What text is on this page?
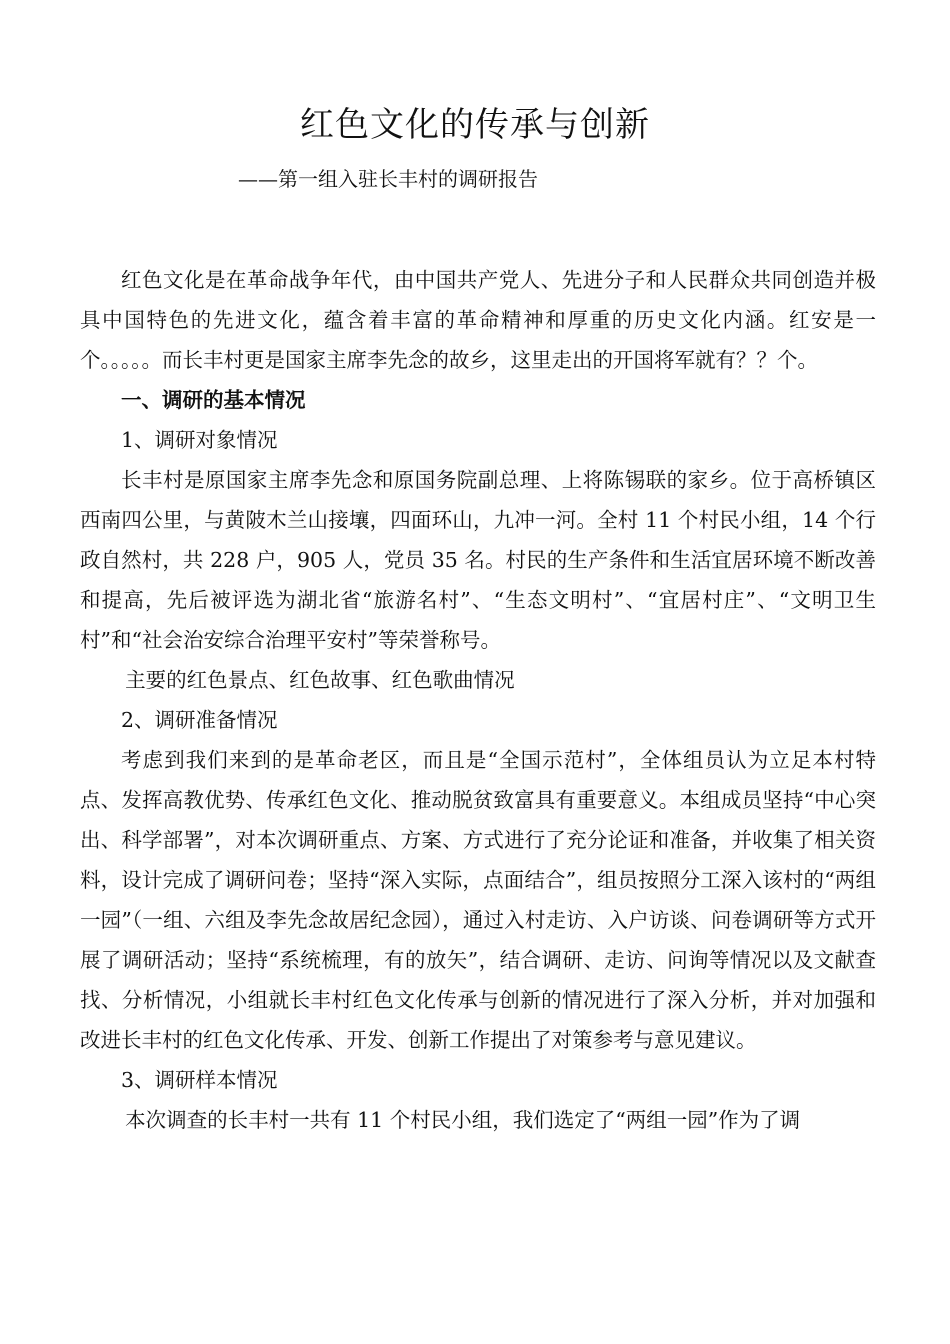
红色文化的传承与创新
——第一组入驻长丰村的调研报告

红色文化是在革命战争年代，由中国共产党人、先进分子和人民群众共同创造并极具中国特色的先进文化，蕴含着丰富的革命精神和厚重的历史文化内涵。红安是一个。。。。。而长丰村更是国家主席李先念的故乡，这里走出的开国将军就有？？个。

一、调研的基本情况

1、调研对象情况

长丰村是原国家主席李先念和原国务院副总理、上将陈锡联的家乡。位于高桥镇区西南四公里，与黄陂木兰山接壤，四面环山，九冲一河。全村 11 个村民小组，14 个行政自然村，共 228 户，905 人，党员 35 名。村民的生产条件和生活宜居环境不断改善和提高，先后被评选为湖北省“旅游名村”、“生态文明村”、“宜居村庄”、“文明卫生村”和“社会治安综合治理平安村”等荣誉称号。

主要的红色景点、红色故事、红色歌曲情况

2、调研准备情况

考虑到我们来到的是革命老区，而且是“全国示范村”，全体组员认为立足本村特点、发挥高教优势、传承红色文化、推动脱贫致富具有重要意义。本组成员坚持“中心突出、科学部署”，对本次调研重点、方案、方式进行了充分论证和准备，并收集了相关资料，设计完成了调研问卷；坚持“深入实际，点面结合”，组员按照分工深入该村的“两组一园”（一组、六组及李先念故居纪念园），通过入村走访、入户访谈、问卷调研等方式开展了调研活动；坚持“系统梳理，有的放矢”，结合调研、走访、问询等情况以及文献查找、分析情况，小组就长丰村红色文化传承与创新的情况进行了深入分析，并对加强和改进长丰村的红色文化传承、开发、创新工作提出了对策参考与意见建议。

3、调研样本情况

本次调查的长丰村一共有 11 个村民小组，我们选定了“两组一园”作为了调
